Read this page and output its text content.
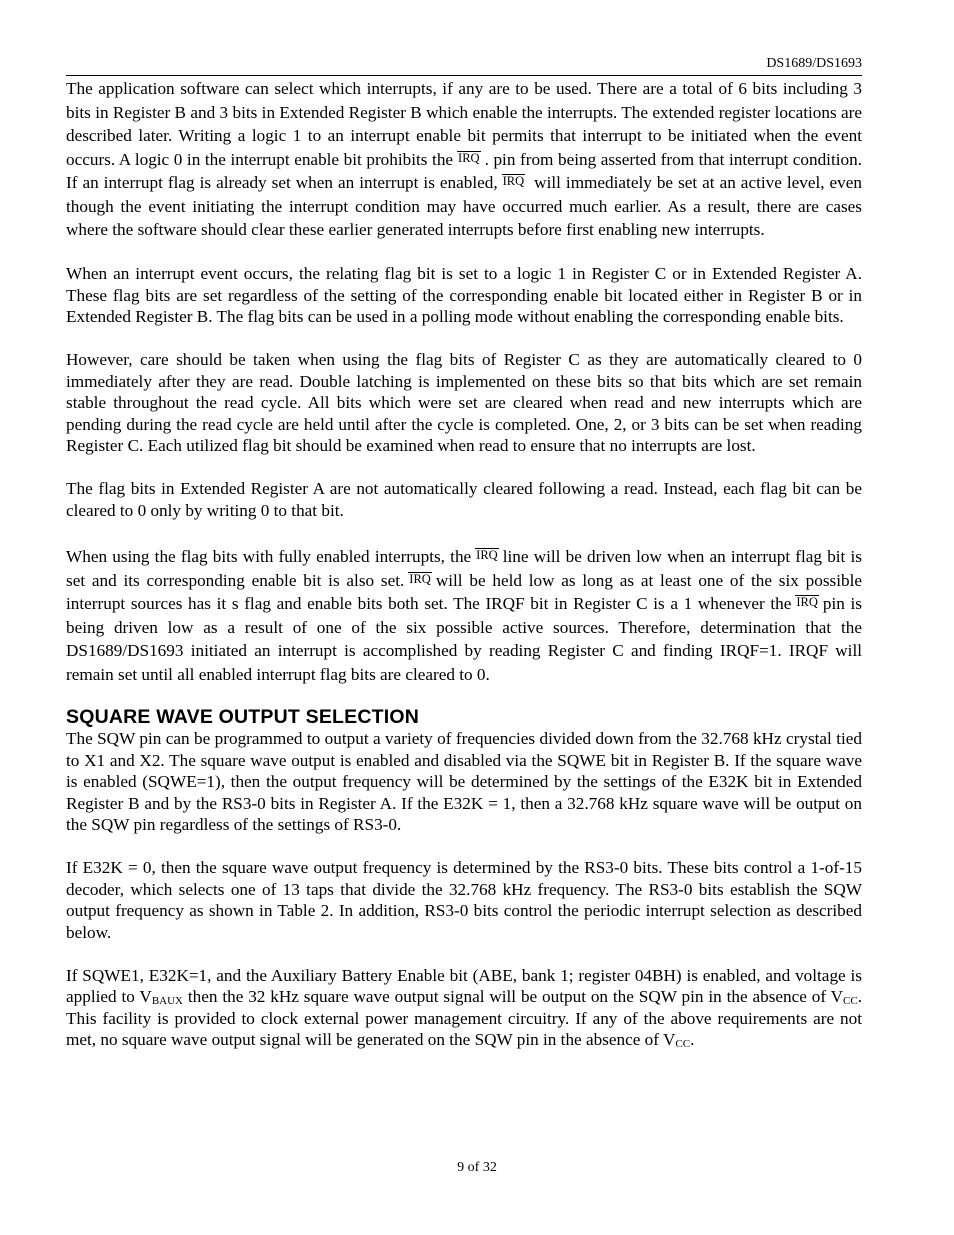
DS1689/DS1693

The application software can select which interrupts, if any are to be used. There are a total of 6 bits including 3 bits in Register B and 3 bits in Extended Register B which enable the interrupts. The extended register locations are described later. Writing a logic 1 to an interrupt enable bit permits that interrupt to be initiated when the event occurs. A logic 0 in the interrupt enable bit prohibits the IRQ . pin from being asserted from that interrupt condition. If an interrupt flag is already set when an interrupt is enabled, IRQ will immediately be set at an active level, even though the event initiating the interrupt condition may have occurred much earlier. As a result, there are cases where the software should clear these earlier generated interrupts before first enabling new interrupts.

When an interrupt event occurs, the relating flag bit is set to a logic 1 in Register C or in Extended Register A. These flag bits are set regardless of the setting of the corresponding enable bit located either in Register B or in Extended Register B. The flag bits can be used in a polling mode without enabling the corresponding enable bits.

However, care should be taken when using the flag bits of Register C as they are automatically cleared to 0 immediately after they are read. Double latching is implemented on these bits so that bits which are set remain stable throughout the read cycle. All bits which were set are cleared when read and new interrupts which are pending during the read cycle are held until after the cycle is completed. One, 2, or 3 bits can be set when reading Register C. Each utilized flag bit should be examined when read to ensure that no interrupts are lost.

The flag bits in Extended Register A are not automatically cleared following a read. Instead, each flag bit can be cleared to 0 only by writing 0 to that bit.

When using the flag bits with fully enabled interrupts, the IRQ line will be driven low when an interrupt flag bit is set and its corresponding enable bit is also set. IRQ will be held low as long as at least one of the six possible interrupt sources has it s flag and enable bits both set. The IRQF bit in Register C is a 1 whenever the IRQ pin is being driven low as a result of one of the six possible active sources. Therefore, determination that the DS1689/DS1693 initiated an interrupt is accomplished by reading Register C and finding IRQF=1. IRQF will remain set until all enabled interrupt flag bits are cleared to 0.

SQUARE WAVE OUTPUT SELECTION

The SQW pin can be programmed to output a variety of frequencies divided down from the 32.768 kHz crystal tied to X1 and X2. The square wave output is enabled and disabled via the SQWE bit in Register B. If the square wave is enabled (SQWE=1), then the output frequency will be determined by the settings of the E32K bit in Extended Register B and by the RS3-0 bits in Register A. If the E32K = 1, then a 32.768 kHz square wave will be output on the SQW pin regardless of the settings of RS3-0.

If E32K = 0, then the square wave output frequency is determined by the RS3-0 bits. These bits control a 1-of-15 decoder, which selects one of 13 taps that divide the 32.768 kHz frequency. The RS3-0 bits establish the SQW output frequency as shown in Table 2. In addition, RS3-0 bits control the periodic interrupt selection as described below.

If SQWE1, E32K=1, and the Auxiliary Battery Enable bit (ABE, bank 1; register 04BH) is enabled, and voltage is applied to $V_{BAUX}$ then the 32 kHz square wave output signal will be output on the SQW pin in the absence of $V_{CC}$. This facility is provided to clock external power management circuitry. If any of the above requirements are not met, no square wave output signal will be generated on the SQW pin in the absence of $V_{CC}$.

9 of 32
